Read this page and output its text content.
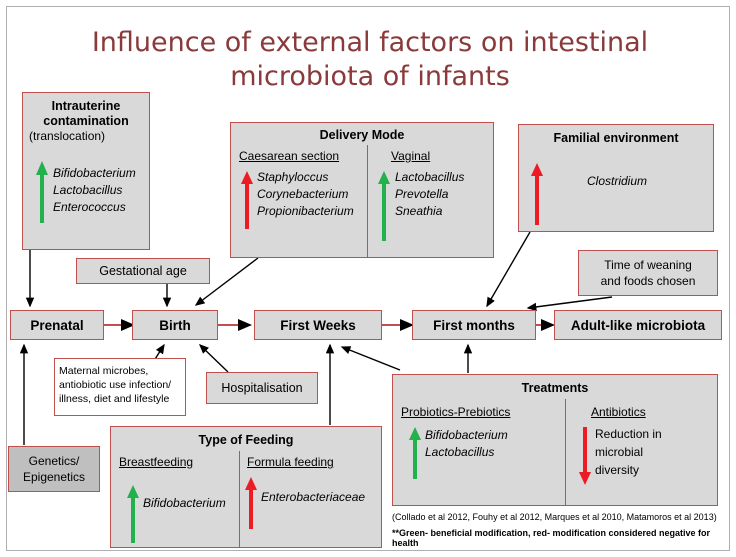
Influence of external factors on intestinal microbiota of infants
Intrauterine
contamination
(translocation)
Bifidobacterium
Lactobacillus
Enterococcus
Delivery Mode
Caesarean section
Staphyloccus
Corynebacterium
Propionibacterium
Vaginal
Lactobacillus
Prevotella
Sneathia
Familial environment
Clostridium
Gestational age	Time of weaning
and foods chosen
Prenatal	Birth	First Weeks	First months	Adult-like microbiota
Maternal microbes,
antiobiotic use infection/
illness, diet and lifestyle
Hospitalisation
Genetics/
Epigenetics
Type of Feeding
Breastfeeding
Bifidobacterium
Formula feeding
Enterobacteriaceae
Treatments
Probiotics-Prebiotics
Bifidobacterium
Lactobacillus
Antibiotics
Reduction in
microbial
diversity
(Collado et al 2012, Fouhy et al 2012, Marques et al 2010, Matamoros et al 2013)
**Green- beneficial modification, red- modification considered negative for health
